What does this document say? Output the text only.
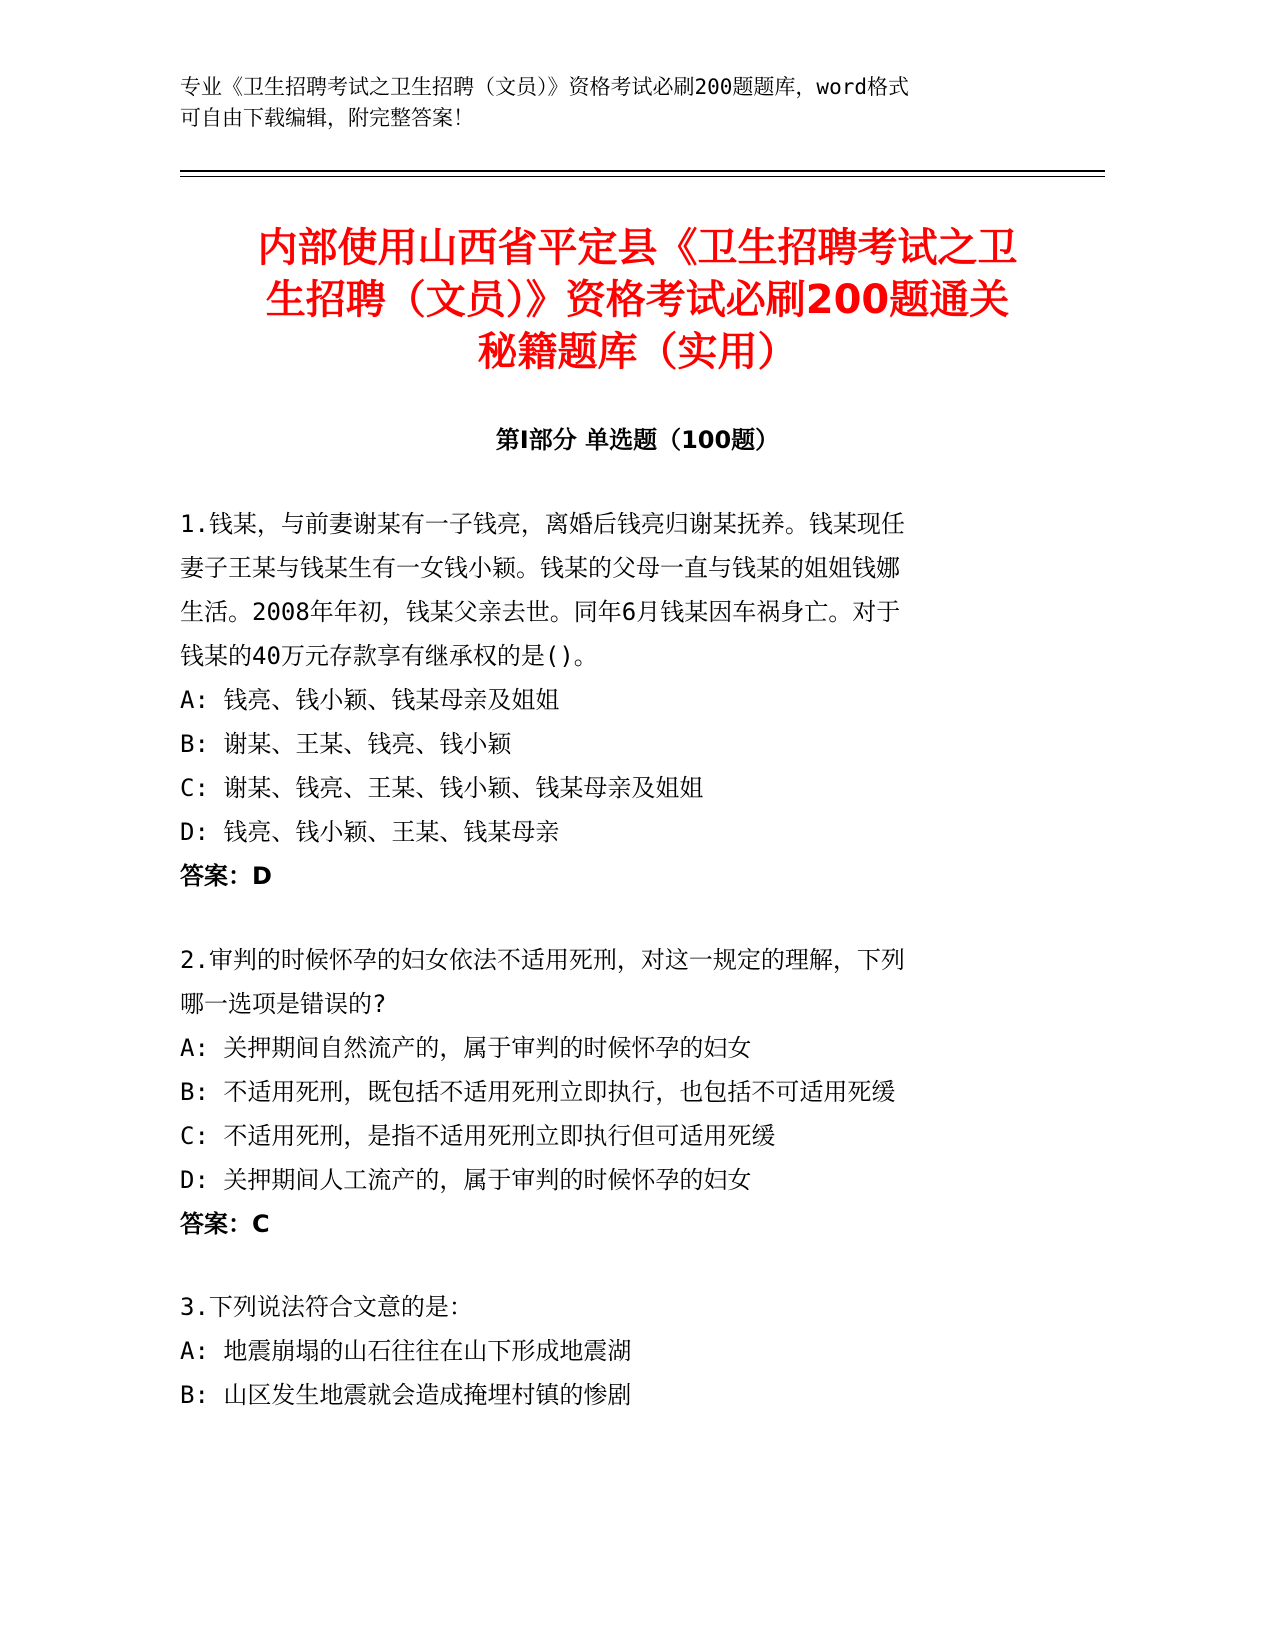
专业《卫生招聘考试之卫生招聘（文员）》资格考试必刷200题题库，word格式
可自由下载编辑，附完整答案！
内部使用山西省平定县《卫生招聘考试之卫
生招聘（文员）》资格考试必刷200题通关
秘籍题库（实用）
第I部分 单选题（100题）

1.钱某，与前妻谢某有一子钱亮，离婚后钱亮归谢某抚养。钱某现任

妻子王某与钱某生有一女钱小颖。钱某的父母一直与钱某的姐姐钱娜

生活。2008年年初，钱某父亲去世。同年6月钱某因车祸身亡。对于

钱某的40万元存款享有继承权的是()。

A: 钱亮、钱小颖、钱某母亲及姐姐

B: 谢某、王某、钱亮、钱小颖

C: 谢某、钱亮、王某、钱小颖、钱某母亲及姐姐

D: 钱亮、钱小颖、王某、钱某母亲

答案：D

2.审判的时候怀孕的妇女依法不适用死刑，对这一规定的理解，下列

哪一选项是错误的?

A: 关押期间自然流产的，属于审判的时候怀孕的妇女

B: 不适用死刑，既包括不适用死刑立即执行，也包括不可适用死缓

C: 不适用死刑，是指不适用死刑立即执行但可适用死缓

D: 关押期间人工流产的，属于审判的时候怀孕的妇女

答案：C

3.下列说法符合文意的是：

A: 地震崩塌的山石往往在山下形成地震湖

B: 山区发生地震就会造成掩埋村镇的惨剧
